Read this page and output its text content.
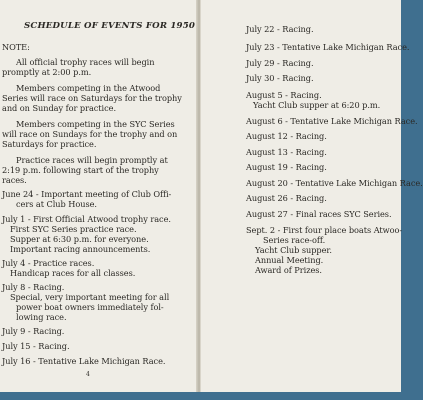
SCHEDULE OF EVENTS FOR 1950
NOTE:
All official trophy races will begin
promptly at 2:00 p.m.
Members competing in the Atwood
Series will race on Saturdays for the trophy
and on Sunday for practice.
Members competing in the SYC Series
will race on Sundays for the trophy and on
Saturdays for practice.
Practice races will begin promptly at
2:19 p.m. following start of the trophy
races.
June 24 - Important meeting of Club Offi-
cers at Club House.
July 1 - First Official Atwood trophy race.
First SYC Series practice race.
Supper at 6:30 p.m. for everyone.
Important racing announcements.
July 4 - Practice races.
Handicap races for all classes.
July 8 - Racing.
Special, very important meeting for all
power boat owners immediately fol-
lowing race.
July 9 - Racing.
July 15 - Racing.
July 16 - Tentative Lake Michigan Race.
4
July 22 - Racing.
July 23 - Tentative Lake Michigan Race.
July 29 - Racing.
July 30 - Racing.
August 5 - Racing.
Yacht Club supper at 6:20 p.m.
August 6 - Tentative Lake Michigan Race.
August 12 - Racing.
August 13 - Racing.
August 19 - Racing.
August 20 - Tentative Lake Michigan Race.
August 26 - Racing.
August 27 - Final races SYC Series.
Sept. 2 - First four place boats Atwoo-
Series race-off.
Yacht Club supper.
Annual Meeting.
Award of Prizes.
